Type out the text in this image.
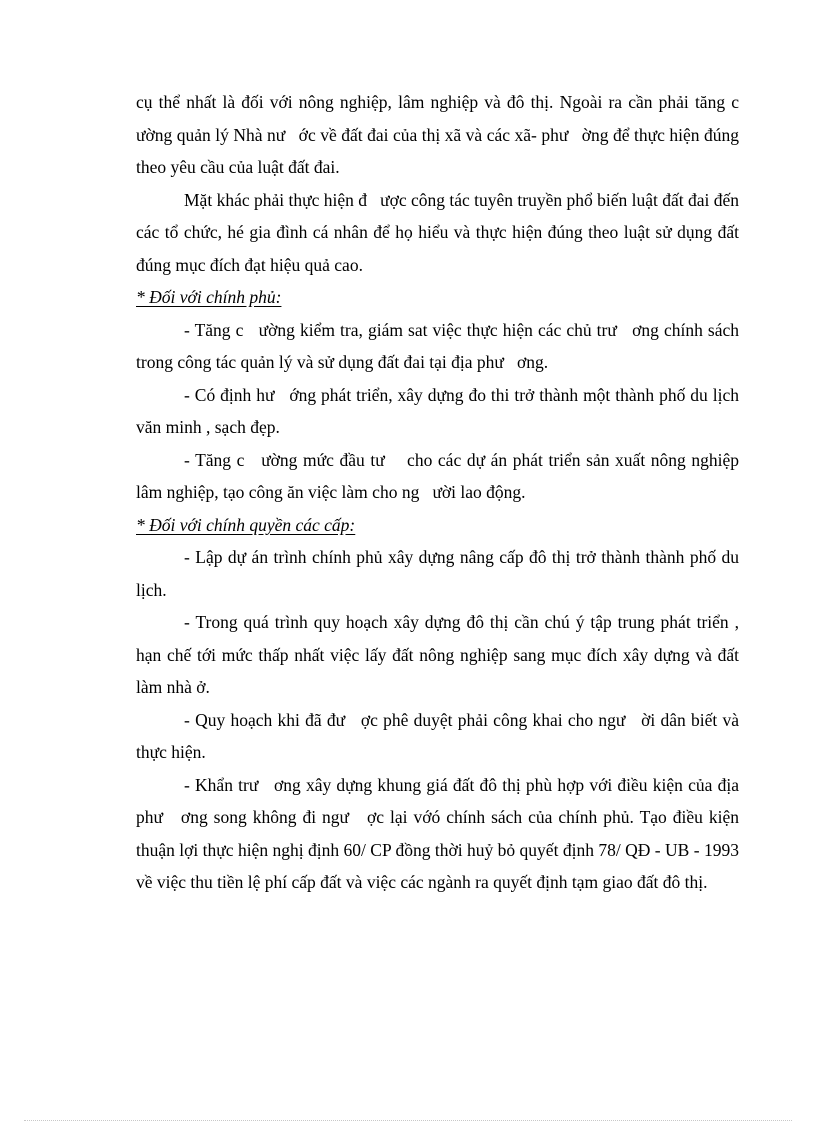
cụ thể nhất là đối với nông nghiệp, lâm nghiệp và đô thị. Ngoài ra cần phải tăng c   ường quản lý Nhà nư   ớc về đất đai của thị xã và các xã- phư   ờng để thực hiện đúng theo yêu cầu của luật đất đai.

Mặt khác phải thực hiện đ   ược công tác tuyên truyền phổ biến luật đất đai đến các tổ chức, hé gia đình cá nhân để họ hiểu và thực hiện đúng theo luật sử dụng đất đúng mục đích đạt hiệu quả cao.

* Đối với chính phủ:

- Tăng c   ường kiểm tra, giám sat việc thực hiện các chủ trư   ơng chính sách trong công tác quản lý và sử dụng đất đai tại địa phư   ơng.

- Có định hư   ớng phát triển, xây dựng đo thi trở thành một thành phố du lịch văn minh , sạch đẹp.

- Tăng c   ường mức đầu tư    cho các dự án phát triển sản xuất nông nghiệp lâm nghiệp, tạo công ăn việc làm cho ng   ười lao động.

* Đối với chính quyền các cấp:

- Lập dự án trình chính phủ xây dựng nâng cấp đô thị trở thành thành phố du lịch.

- Trong quá trình quy hoạch xây dựng đô thị cần chú ý tập trung phát triển , hạn chế tới mức thấp nhất việc lấy đất nông nghiệp sang mục đích xây dựng và đất làm nhà ở.

- Quy hoạch khi đã đư   ợc phê duyệt phải công khai cho ngư   ời dân biết và thực hiện.

- Khẩn trư   ơng xây dựng khung giá đất đô thị phù hợp với điều kiện của địa phư   ơng song không đi ngư   ợc lại vớó chính sách của chính phủ. Tạo điều kiện thuận lợi thực hiện nghị định 60/ CP đồng thời huỷ bỏ quyết định 78/ QĐ - UB - 1993 về việc thu tiền lệ phí cấp đất và việc các ngành ra quyết định tạm giao đất đô thị.
